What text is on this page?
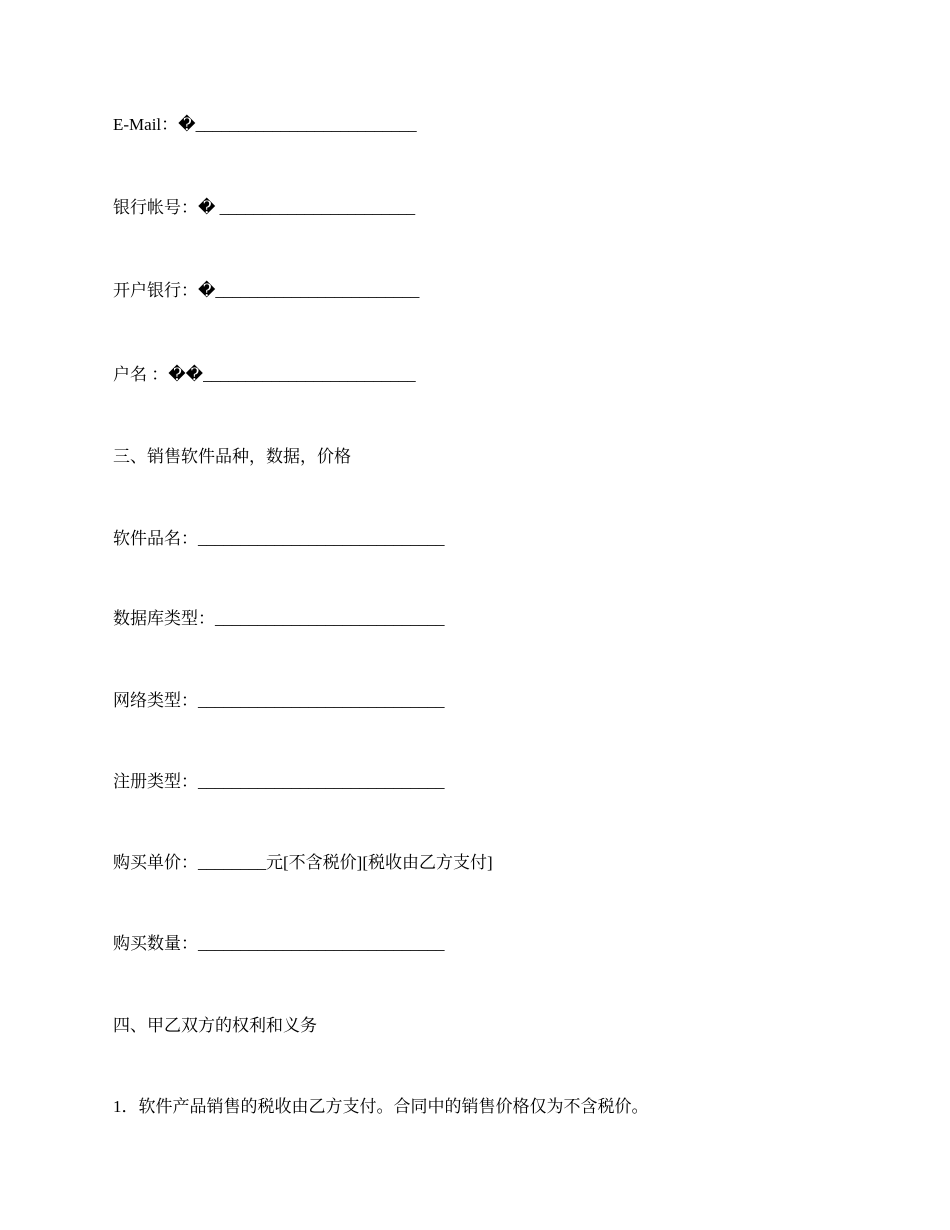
E-Mail：�__________________________
银行帐号：� _______________________
开户银行：�________________________
户名 ：��_________________________
三、销售软件品种，数据，价格
软件品名：_____________________________
数据库类型：___________________________
网络类型：_____________________________
注册类型：_____________________________
购买单价：________元[不含税价][税收由乙方支付]
购买数量：_____________________________
四、甲乙双方的权利和义务
1．软件产品销售的税收由乙方支付。合同中的销售价格仅为不含税价。
